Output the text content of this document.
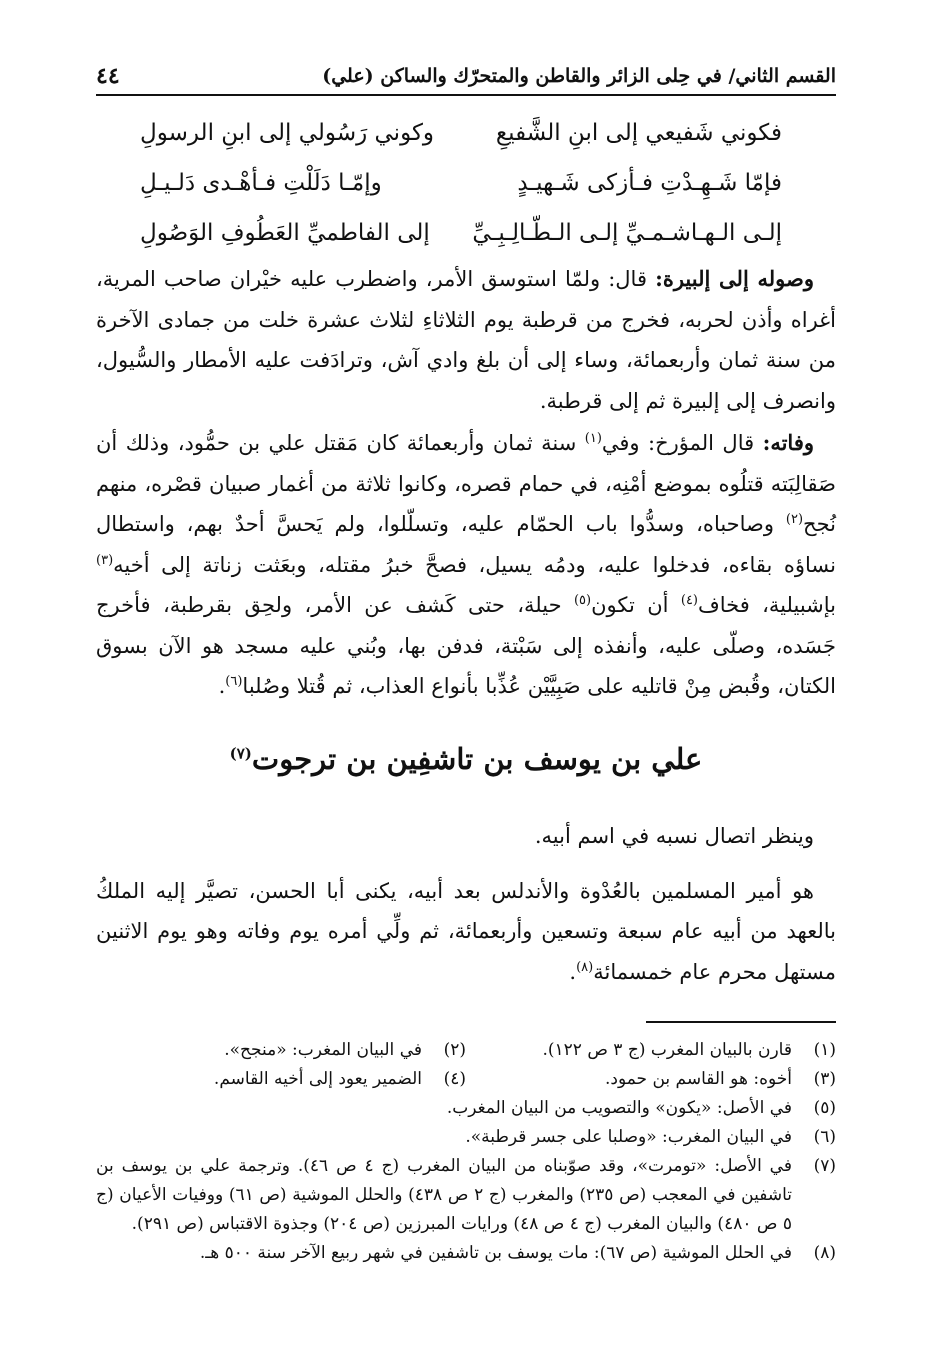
القسم الثاني/ في حِلى الزائر والقاطن والمتحرّك والساكن (علي)
٤٤
فكوني شَفيعي إلى ابنِ الشَّفيعِ
وكوني رَسُولي إلى ابنِ الرسولِ
فإمّا شَـهِـدْتِ فـأزكى شَـهيـدٍ
وإمّـا دَلَلْتِ فـأهْـدى دَلـيـلِ
إلـى الـهـاشـمـيِّ إلـى الـطّـالِـبِـيِّ
إلى الفاطميِّ العَطُوفِ الوَصُولِ

وصوله إلى إلبيرة: قال: ولمّا استوسق الأمر، واضطرب عليه خيْران صاحب المرية، أغراه وأذن لحربه، فخرج من قرطبة يوم الثلاثاءِ لثلاث عشرة خلت من جمادى الآخرة من سنة ثمان وأربعمائة، وساء إلى أن بلغ وادي آش، وترادَفت عليه الأمطار والسُّيول، وانصرف إلى إلبيرة ثم إلى قرطبة.

وفاته: قال المؤرخ: وفي$^{(١)}$ سنة ثمان وأربعمائة كان مَقتل علي بن حمُّود، وذلك أن صَقالِبَته قتلُوه بموضع أمْنِه، في حمام قصره، وكانوا ثلاثة من أغمار صبيان قصْره، منهم نُجح$^{(٢)}$ وصاحباه، وسدُّوا باب الحمّام عليه، وتسلّلوا، ولم يَحسَّ أحدٌ بهم، واستطال نساؤه بقاءه، فدخلوا عليه، ودمُه يسيل، فصحَّ خبرُ مقتله، وبعَثت زناتة إلى أخيه$^{(٣)}$ بإشبيلية، فخاف$^{(٤)}$ أن تكون$^{(٥)}$ حيلة، حتى كَشف عن الأمر، ولحِق بقرطبة، فأخرج جَسَده، وصلّى عليه، وأنفذه إلى سَبْتة، فدفن بها، وبُني عليه مسجد هو الآن بسوق الكتان، وقُبض مِنْ قاتليه على صَبِيَّيْن عُذِّبا بأنواع العذاب، ثم قُتلا وصُلبا$^{(٦)}$.

علي بن يوسف بن تاشفِين بن ترجوت$^{(٧)}$

وينظر اتصال نسبه في اسم أبيه.

هو أمير المسلمين بالعُدْوة والأندلس بعد أبيه، يكنى أبا الحسن، تصيَّر إليه الملكُ بالعهد من أبيه عام سبعة وتسعين وأربعمائة، ثم ولِّي أمره يوم وفاته وهو يوم الاثنين مستهل محرم عام خمسمائة$^{(٨)}$.

(١)
قارن بالبيان المغرب (ج ٣ ص ١٢٢).
(٢)
في البيان المغرب: «منجح».
(٣)
أخوه: هو القاسم بن حمود.
(٤)
الضمير يعود إلى أخيه القاسم.
(٥)
في الأصل: «يكون» والتصويب من البيان المغرب.
(٦)
في البيان المغرب: «وصلبا على جسر قرطبة».
(٧)
في الأصل: «تومرت»، وقد صوّبناه من البيان المغرب (ج ٤ ص ٤٦). وترجمة علي بن يوسف بن تاشفين في المعجب (ص ٢٣٥) والمغرب (ج ٢ ص ٤٣٨) والحلل الموشية (ص ٦١) ووفيات الأعيان (ج ٥ ص ٤٨٠) والبيان المغرب (ج ٤ ص ٤٨) ورايات المبرزين (ص ٢٠٤) وجذوة الاقتباس (ص ٢٩١).
(٨)
في الحلل الموشية (ص ٦٧): مات يوسف بن تاشفين في شهر ربيع الآخر سنة ٥٠٠ هـ.
